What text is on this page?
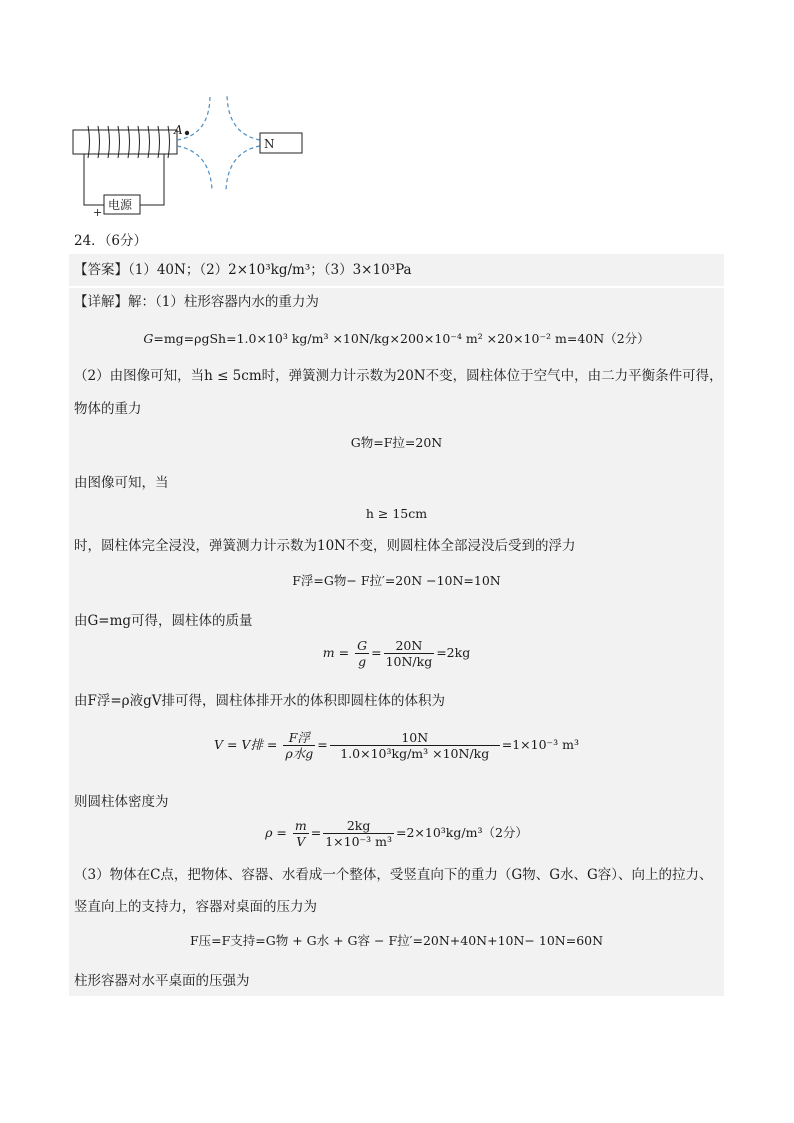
电源
+
A
N
24．（6分）
【答案】（1）40N；（2）2×10³kg/m³；（3）3×10³Pa
【详解】解：（1）柱形容器内水的重力为
G=mg=ρgSh=1.0×10³ kg/m³ ×10N/kg×200×10⁻⁴ m² ×20×10⁻² m=40N（2分）
（2）由图像可知，当h ≤ 5cm时，弹簧测力计示数为20N不变，圆柱体位于空气中，由二力平衡条件可得，
物体的重力
G物=F拉=20N
由图像可知，当
h ≥ 15cm
时，圆柱体完全浸没，弹簧测力计示数为10N不变，则圆柱体全部浸没后受到的浮力
F浮=G物− F拉′=20N −10N=10N
由G=mg可得，圆柱体的质量
$m = \frac{G}{g} = \frac{20N}{10N/kg} =2kg$
由F浮=ρ液gV排可得，圆柱体排开水的体积即圆柱体的体积为
V = V排 = $\frac{\text{F浮}}{\text{ρ水g}} = \frac{10N}{\text{1.0×10³kg/m³ ×10N/kg}} =1\times 10^{-3}$ m³
则圆柱体密度为
$\rho = \frac{m}{V} = \frac{2kg}{\text{1×10⁻³ m³}} =2\times 10^3kg/m^3(2$分）
（3）物体在C点，把物体、容器、水看成一个整体，受竖直向下的重力（G物、G水、G容）、向上的拉力、
竖直向上的支持力，容器对桌面的压力为
F压=F支持=G物 + G水 + G容 − F拉′=20N+40N+10N− 10N=60N
柱形容器对水平桌面的压强为
